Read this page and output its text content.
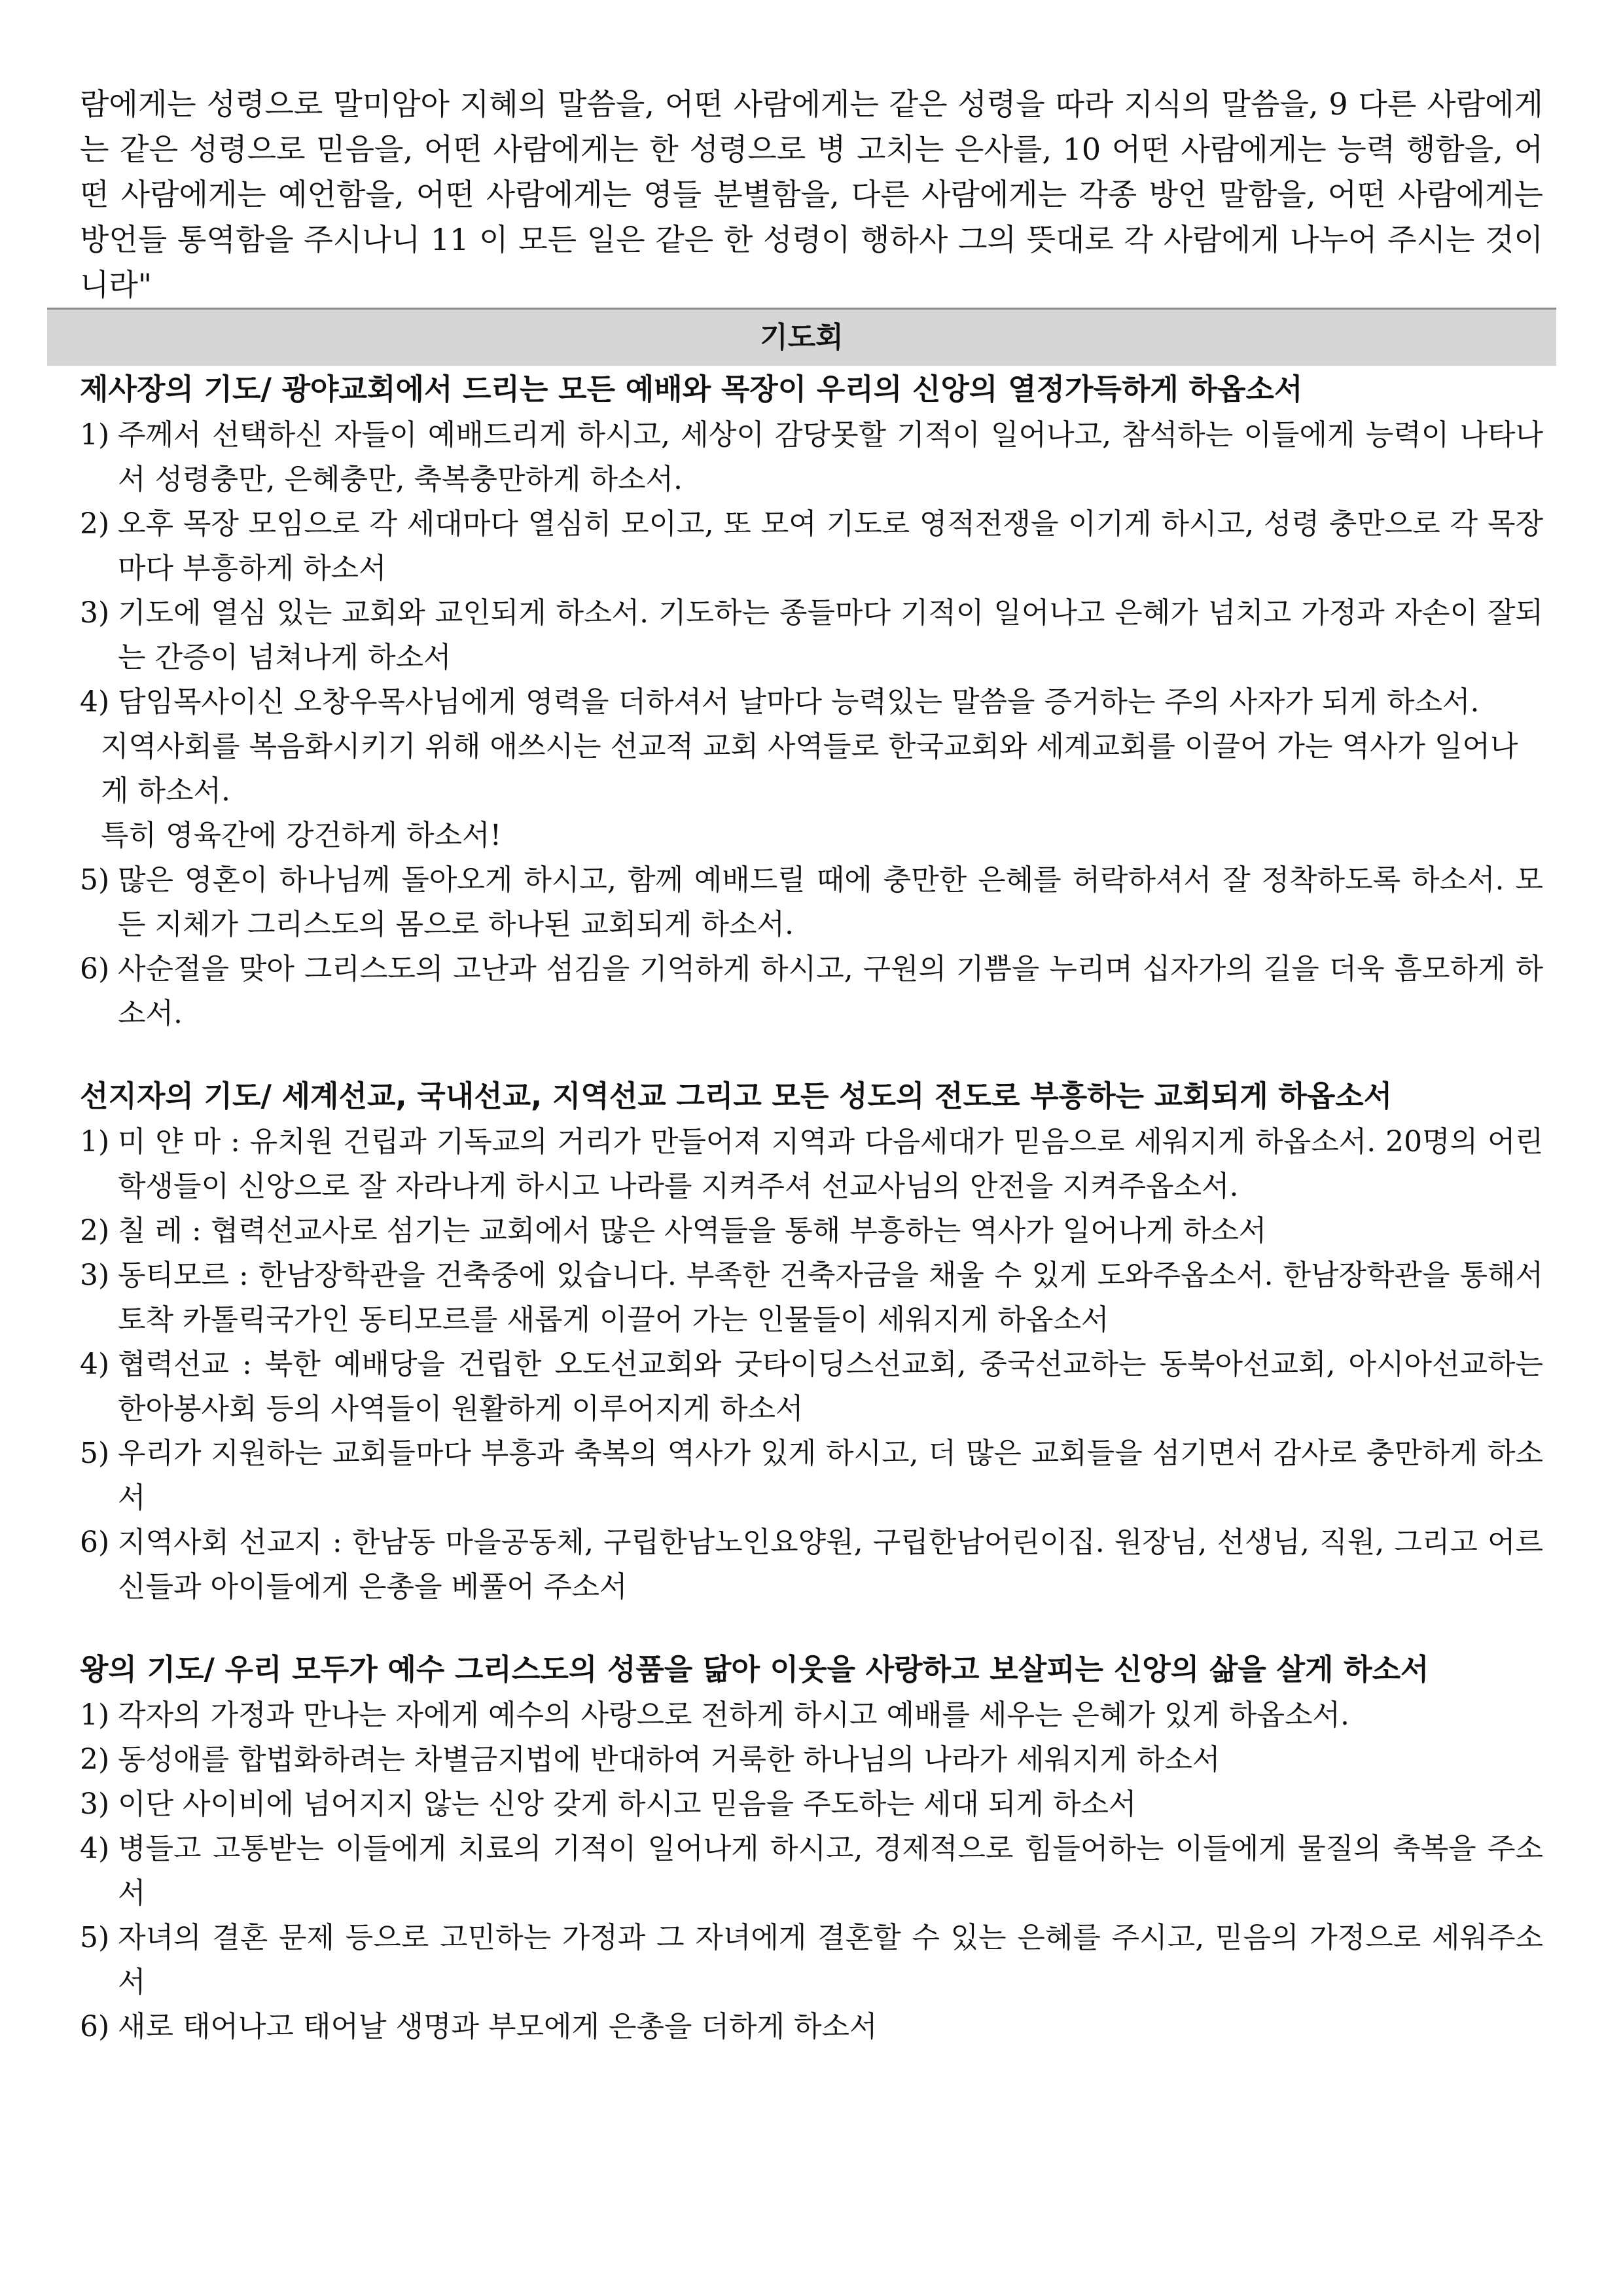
람에게는 성령으로 말미암아 지혜의 말씀을, 어떤 사람에게는 같은 성령을 따라 지식의 말씀을, 9 다른 사람에게는 같은 성령으로 믿음을, 어떤 사람에게는 한 성령으로 병 고치는 은사를, 10 어떤 사람에게는 능력 행함을, 어떤 사람에게는 예언함을, 어떤 사람에게는 영들 분별함을, 다른 사람에게는 각종 방언 말함을, 어떤 사람에게는 방언들 통역함을 주시나니 11 이 모든 일은 같은 한 성령이 행하사 그의 뜻대로 각 사람에게 나누어 주시는 것이니라"

기도회
제사장의 기도/ 광야교회에서 드리는 모든 예배와 목장이 우리의 신앙의 열정가득하게 하옵소서
1) 주께서 선택하신 자들이 예배드리게 하시고, 세상이 감당못할 기적이 일어나고, 참석하는 이들에게 능력이 나타나서 성령충만, 은혜충만, 축복충만하게 하소서.
2) 오후 목장 모임으로 각 세대마다 열심히 모이고, 또 모여 기도로 영적전쟁을 이기게 하시고, 성령 충만으로 각 목장마다 부흥하게 하소서
3) 기도에 열심 있는 교회와 교인되게 하소서. 기도하는 종들마다 기적이 일어나고 은혜가 넘치고 가정과 자손이 잘되는 간증이 넘쳐나게 하소서
4) 담임목사이신 오창우목사님에게 영력을 더하셔서 날마다 능력있는 말씀을 증거하는 주의 사자가 되게 하소서.
지역사회를 복음화시키기 위해 애쓰시는 선교적 교회 사역들로 한국교회와 세계교회를 이끌어 가는 역사가 일어나게 하소서.
특히 영육간에 강건하게 하소서!
5) 많은 영혼이 하나님께 돌아오게 하시고, 함께 예배드릴 때에 충만한 은혜를 허락하셔서 잘 정착하도록 하소서. 모든 지체가 그리스도의 몸으로 하나된 교회되게 하소서.
6) 사순절을 맞아 그리스도의 고난과 섬김을 기억하게 하시고, 구원의 기쁨을 누리며 십자가의 길을 더욱 흠모하게 하소서.
선지자의 기도/ 세계선교, 국내선교, 지역선교 그리고 모든 성도의 전도로 부흥하는 교회되게 하옵소서
1) 미 얀 마 : 유치원 건립과 기독교의 거리가 만들어져 지역과 다음세대가 믿음으로 세워지게 하옵소서. 20명의 어린 학생들이 신앙으로 잘 자라나게 하시고 나라를 지켜주셔 선교사님의 안전을 지켜주옵소서.
2) 칠 레 : 협력선교사로 섬기는 교회에서 많은 사역들을 통해 부흥하는 역사가 일어나게 하소서
3) 동티모르 : 한남장학관을 건축중에 있습니다. 부족한 건축자금을 채울 수 있게 도와주옵소서. 한남장학관을 통해서 토착 카톨릭국가인 동티모르를 새롭게 이끌어 가는 인물들이 세워지게 하옵소서
4) 협력선교 : 북한 예배당을 건립한 오도선교회와 굿타이딩스선교회, 중국선교하는 동북아선교회, 아시아선교하는 한아봉사회 등의 사역들이 원활하게 이루어지게 하소서
5) 우리가 지원하는 교회들마다 부흥과 축복의 역사가 있게 하시고, 더 많은 교회들을 섬기면서 감사로 충만하게 하소서
6) 지역사회 선교지 : 한남동 마을공동체, 구립한남노인요양원, 구립한남어린이집. 원장님, 선생님, 직원, 그리고 어르신들과 아이들에게 은총을 베풀어 주소서
왕의 기도/ 우리 모두가 예수 그리스도의 성품을 닮아 이웃을 사랑하고 보살피는 신앙의 삶을 살게 하소서
1) 각자의 가정과 만나는 자에게 예수의 사랑으로 전하게 하시고 예배를 세우는 은혜가 있게 하옵소서.
2) 동성애를 합법화하려는 차별금지법에 반대하여 거룩한 하나님의 나라가 세워지게 하소서
3) 이단 사이비에 넘어지지 않는 신앙 갖게 하시고 믿음을 주도하는 세대 되게 하소서
4) 병들고 고통받는 이들에게 치료의 기적이 일어나게 하시고, 경제적으로 힘들어하는 이들에게 물질의 축복을 주소서
5) 자녀의 결혼 문제 등으로 고민하는 가정과 그 자녀에게 결혼할 수 있는 은혜를 주시고, 믿음의 가정으로 세워주소서
6) 새로 태어나고 태어날 생명과 부모에게 은총을 더하게 하소서
